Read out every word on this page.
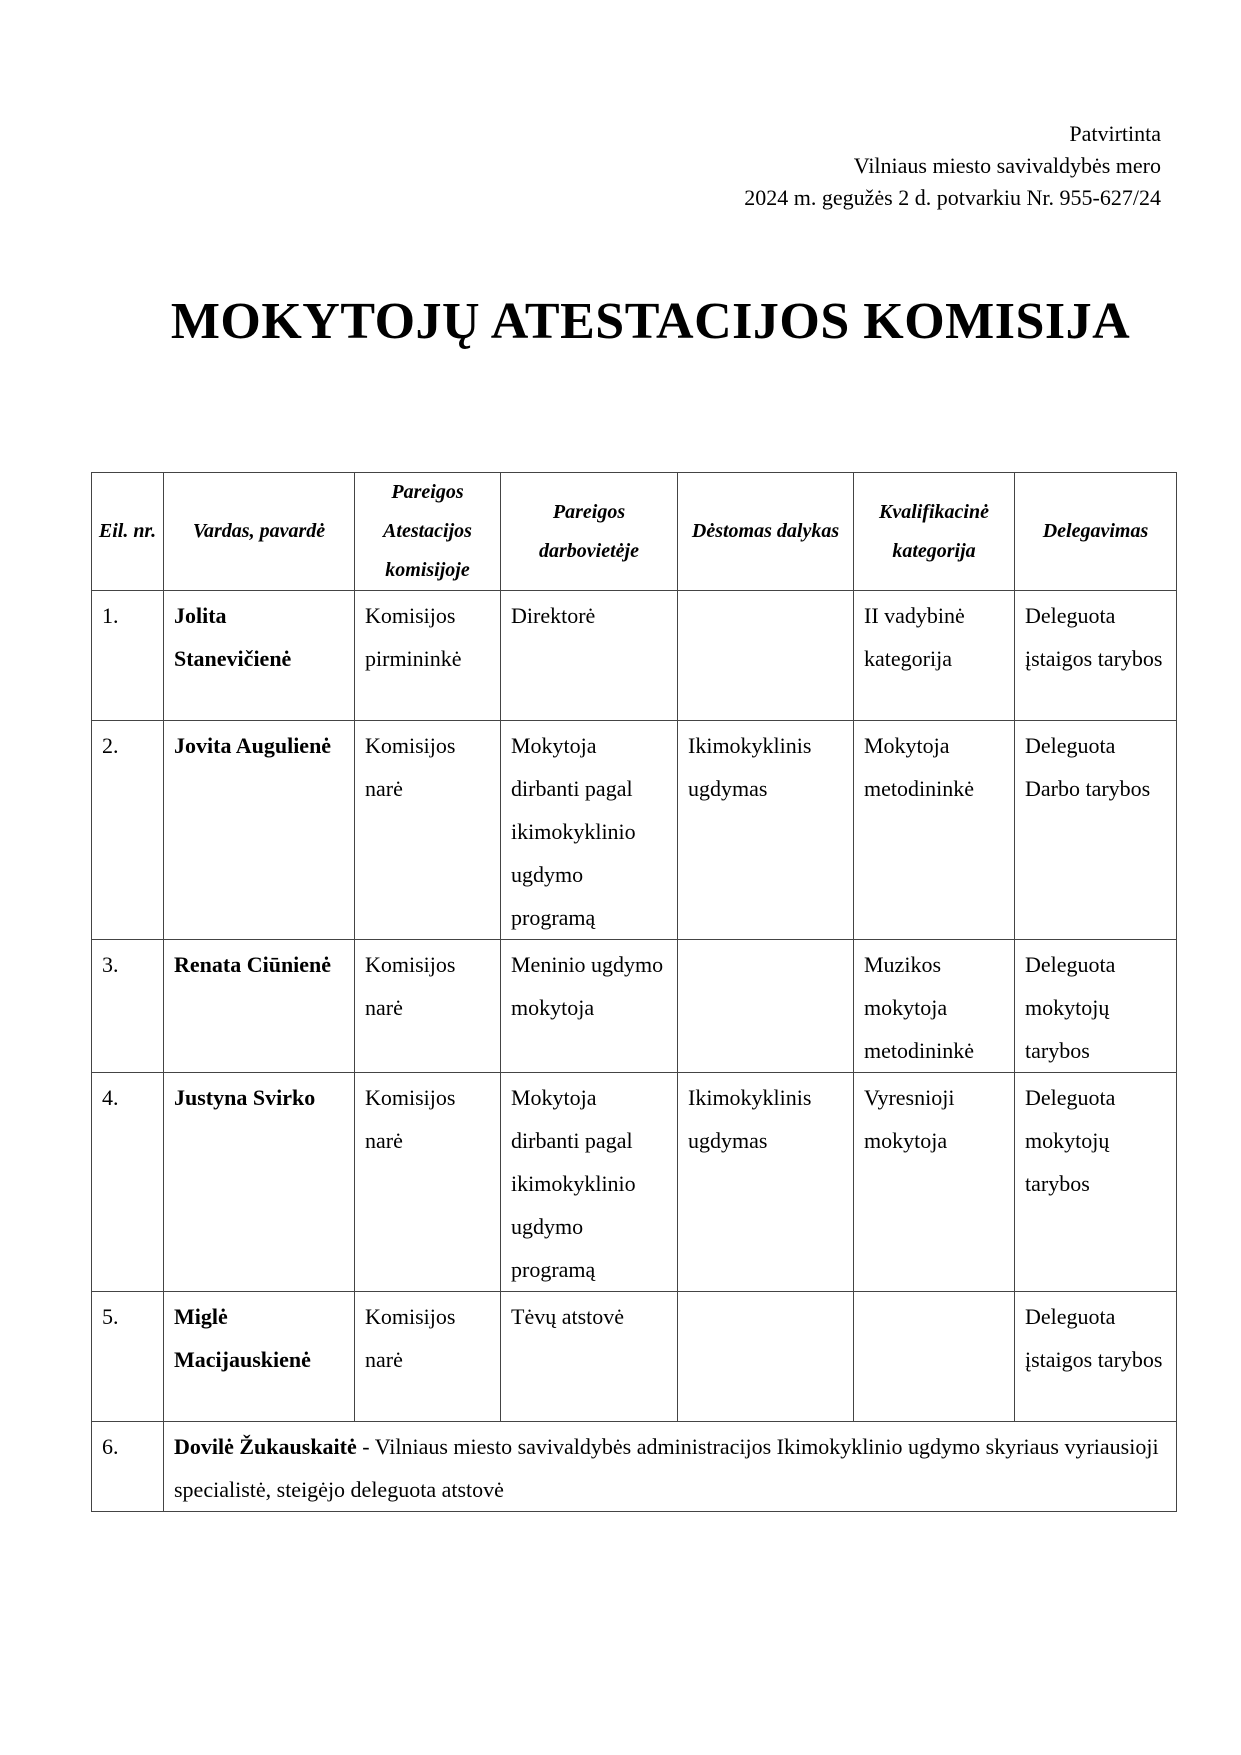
Patvirtinta
Vilniaus miesto savivaldybės mero
2024 m. gegužės 2 d. potvarkiu Nr. 955-627/24
MOKYTOJŲ ATESTACIJOS KOMISIJA
Eil. nr.	Vardas, pavardė	Pareigos Atestacijos komisijoje	Pareigos darbovietėje	Dėstomas dalykas	Kvalifikacinė kategorija	Delegavimas
1.	Jolita Stanevičienė	Komisijos pirmininkė	Direktorė		II vadybinė kategorija	Deleguota įstaigos tarybos
2.	Jovita Augulienė	Komisijos narė	Mokytoja dirbanti pagal ikimokyklinio ugdymo programą	Ikimokyklinis ugdymas	Mokytoja metodininkė	Deleguota Darbo tarybos
3.	Renata Ciūnienė	Komisijos narė	Meninio ugdymo mokytoja		Muzikos mokytoja metodininkė	Deleguota mokytojų tarybos
4.	Justyna Svirko	Komisijos narė	Mokytoja dirbanti pagal ikimokyklinio ugdymo programą	Ikimokyklinis ugdymas	Vyresnioji mokytoja	Deleguota mokytojų tarybos
5.	Miglė Macijauskienė	Komisijos narė	Tėvų atstovė			Deleguota įstaigos tarybos
6.	Dovilė Žukauskaitė - Vilniaus miesto savivaldybės administracijos Ikimokyklinio ugdymo skyriaus vyriausioji specialistė, steigėjo deleguota atstovė					
